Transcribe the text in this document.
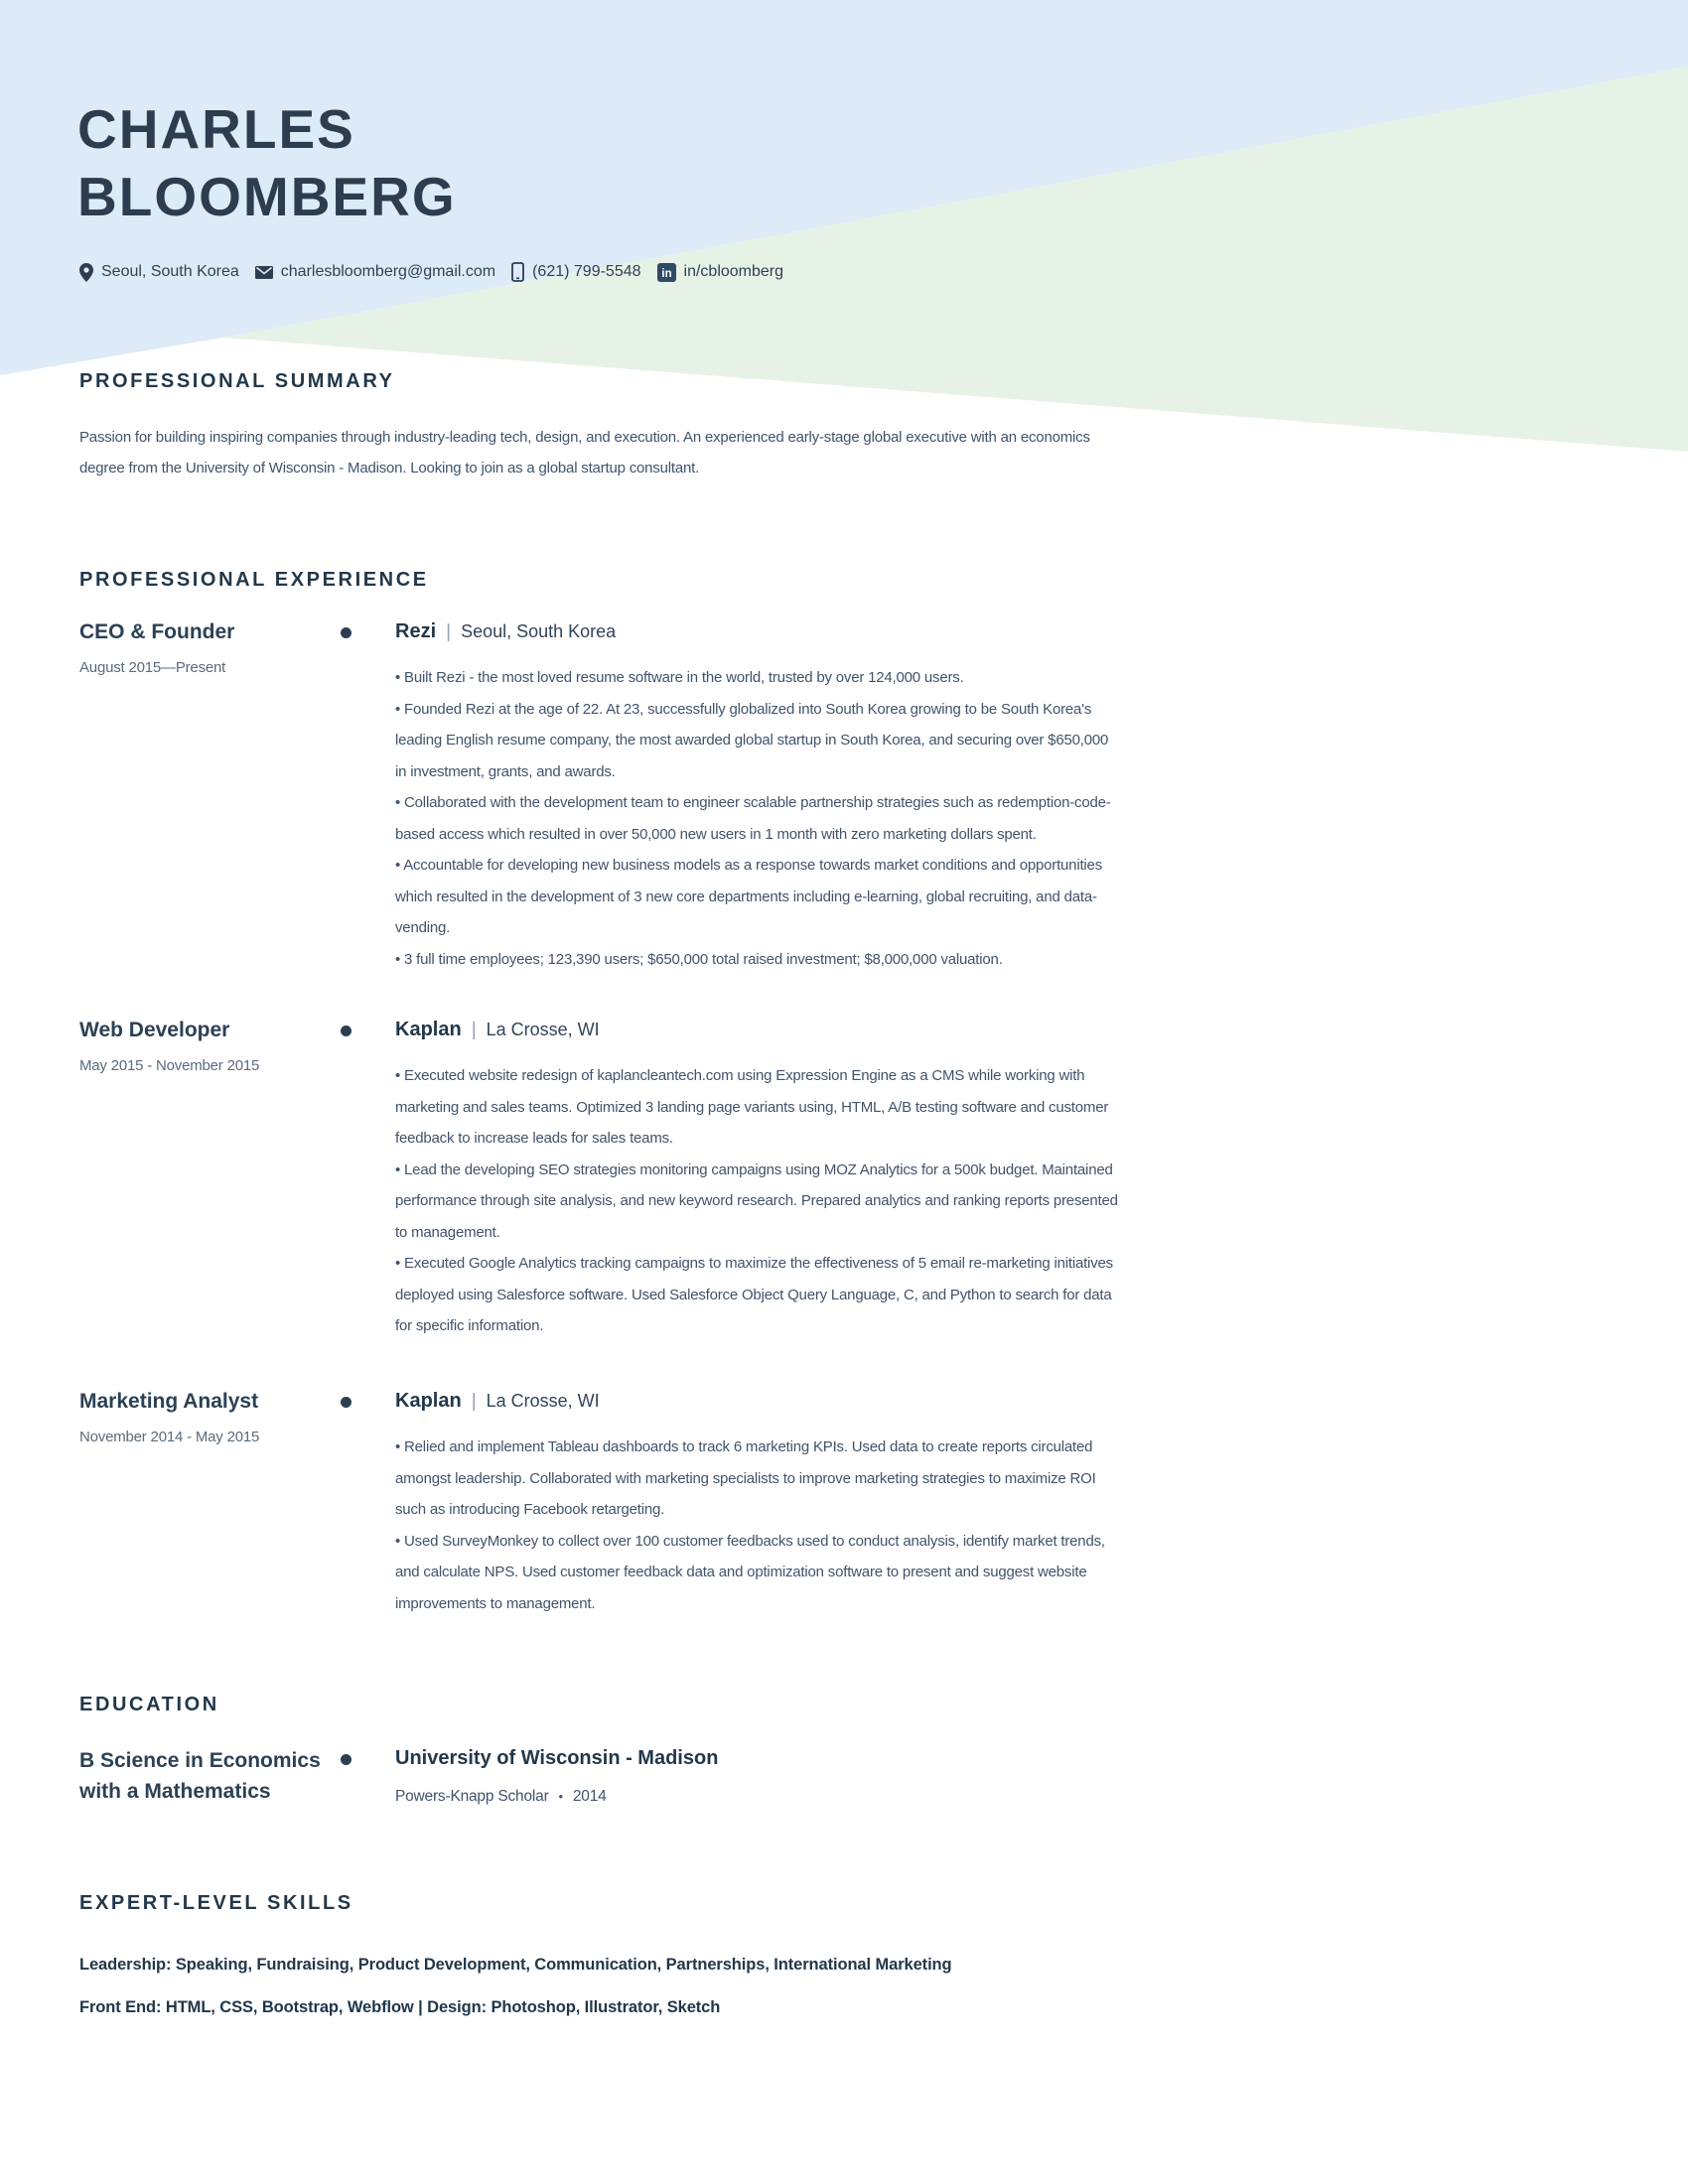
CHARLES
BLOOMBERG
Seoul, South Korea	charlesbloomberg@gmail.com (621) 799-5548 in in/cbloomberg
PROFESSIONAL SUMMARY

Passion for building inspiring companies through industry-leading tech, design, and execution. An experienced early-stage global executive with an economics degree from the University of Wisconsin - Madison. Looking to join as a global startup consultant.

PROFESSIONAL EXPERIENCE
CEO & Founder
August 2015—Present
Rezi | Seoul, South Korea

• Built Rezi - the most loved resume software in the world, trusted by over 124,000 users.

• Founded Rezi at the age of 22. At 23, successfully globalized into South Korea growing to be South Korea's leading English resume company, the most awarded global startup in South Korea, and securing over $650,000 in investment, grants, and awards.

• Collaborated with the development team to engineer scalable partnership strategies such as redemption-code-based access which resulted in over 50,000 new users in 1 month with zero marketing dollars spent.

• Accountable for developing new business models as a response towards market conditions and opportunities which resulted in the development of 3 new core departments including e-learning, global recruiting, and data-vending.

• 3 full time employees; 123,390 users; $650,000 total raised investment; $8,000,000 valuation.

Web Developer
May 2015 - November 2015
Kaplan | La Crosse, WI

• Executed website redesign of kaplancleantech.com using Expression Engine as a CMS while working with marketing and sales teams. Optimized 3 landing page variants using, HTML, A/B testing software and customer feedback to increase leads for sales teams.

• Lead the developing SEO strategies monitoring campaigns using MOZ Analytics for a 500k budget. Maintained performance through site analysis, and new keyword research. Prepared analytics and ranking reports presented to management.

• Executed Google Analytics tracking campaigns to maximize the effectiveness of 5 email re-marketing initiatives deployed using Salesforce software. Used Salesforce Object Query Language, C, and Python to search for data for specific information.

Marketing Analyst
November 2014 - May 2015
Kaplan | La Crosse, WI

• Relied and implement Tableau dashboards to track 6 marketing KPIs. Used data to create reports circulated amongst leadership. Collaborated with marketing specialists to improve marketing strategies to maximize ROI such as introducing Facebook retargeting.

• Used SurveyMonkey to collect over 100 customer feedbacks used to conduct analysis, identify market trends, and calculate NPS. Used customer feedback data and optimization software to present and suggest website improvements to management.

EDUCATION
B Science in Economics
with a Mathematics
University of Wisconsin - Madison
Powers-Knapp Scholar • 2014
EXPERT-LEVEL SKILLS
Leadership: Speaking, Fundraising, Product Development, Communication, Partnerships, International Marketing
Front End: HTML, CSS, Bootstrap, Webflow | Design: Photoshop, Illustrator, Sketch
